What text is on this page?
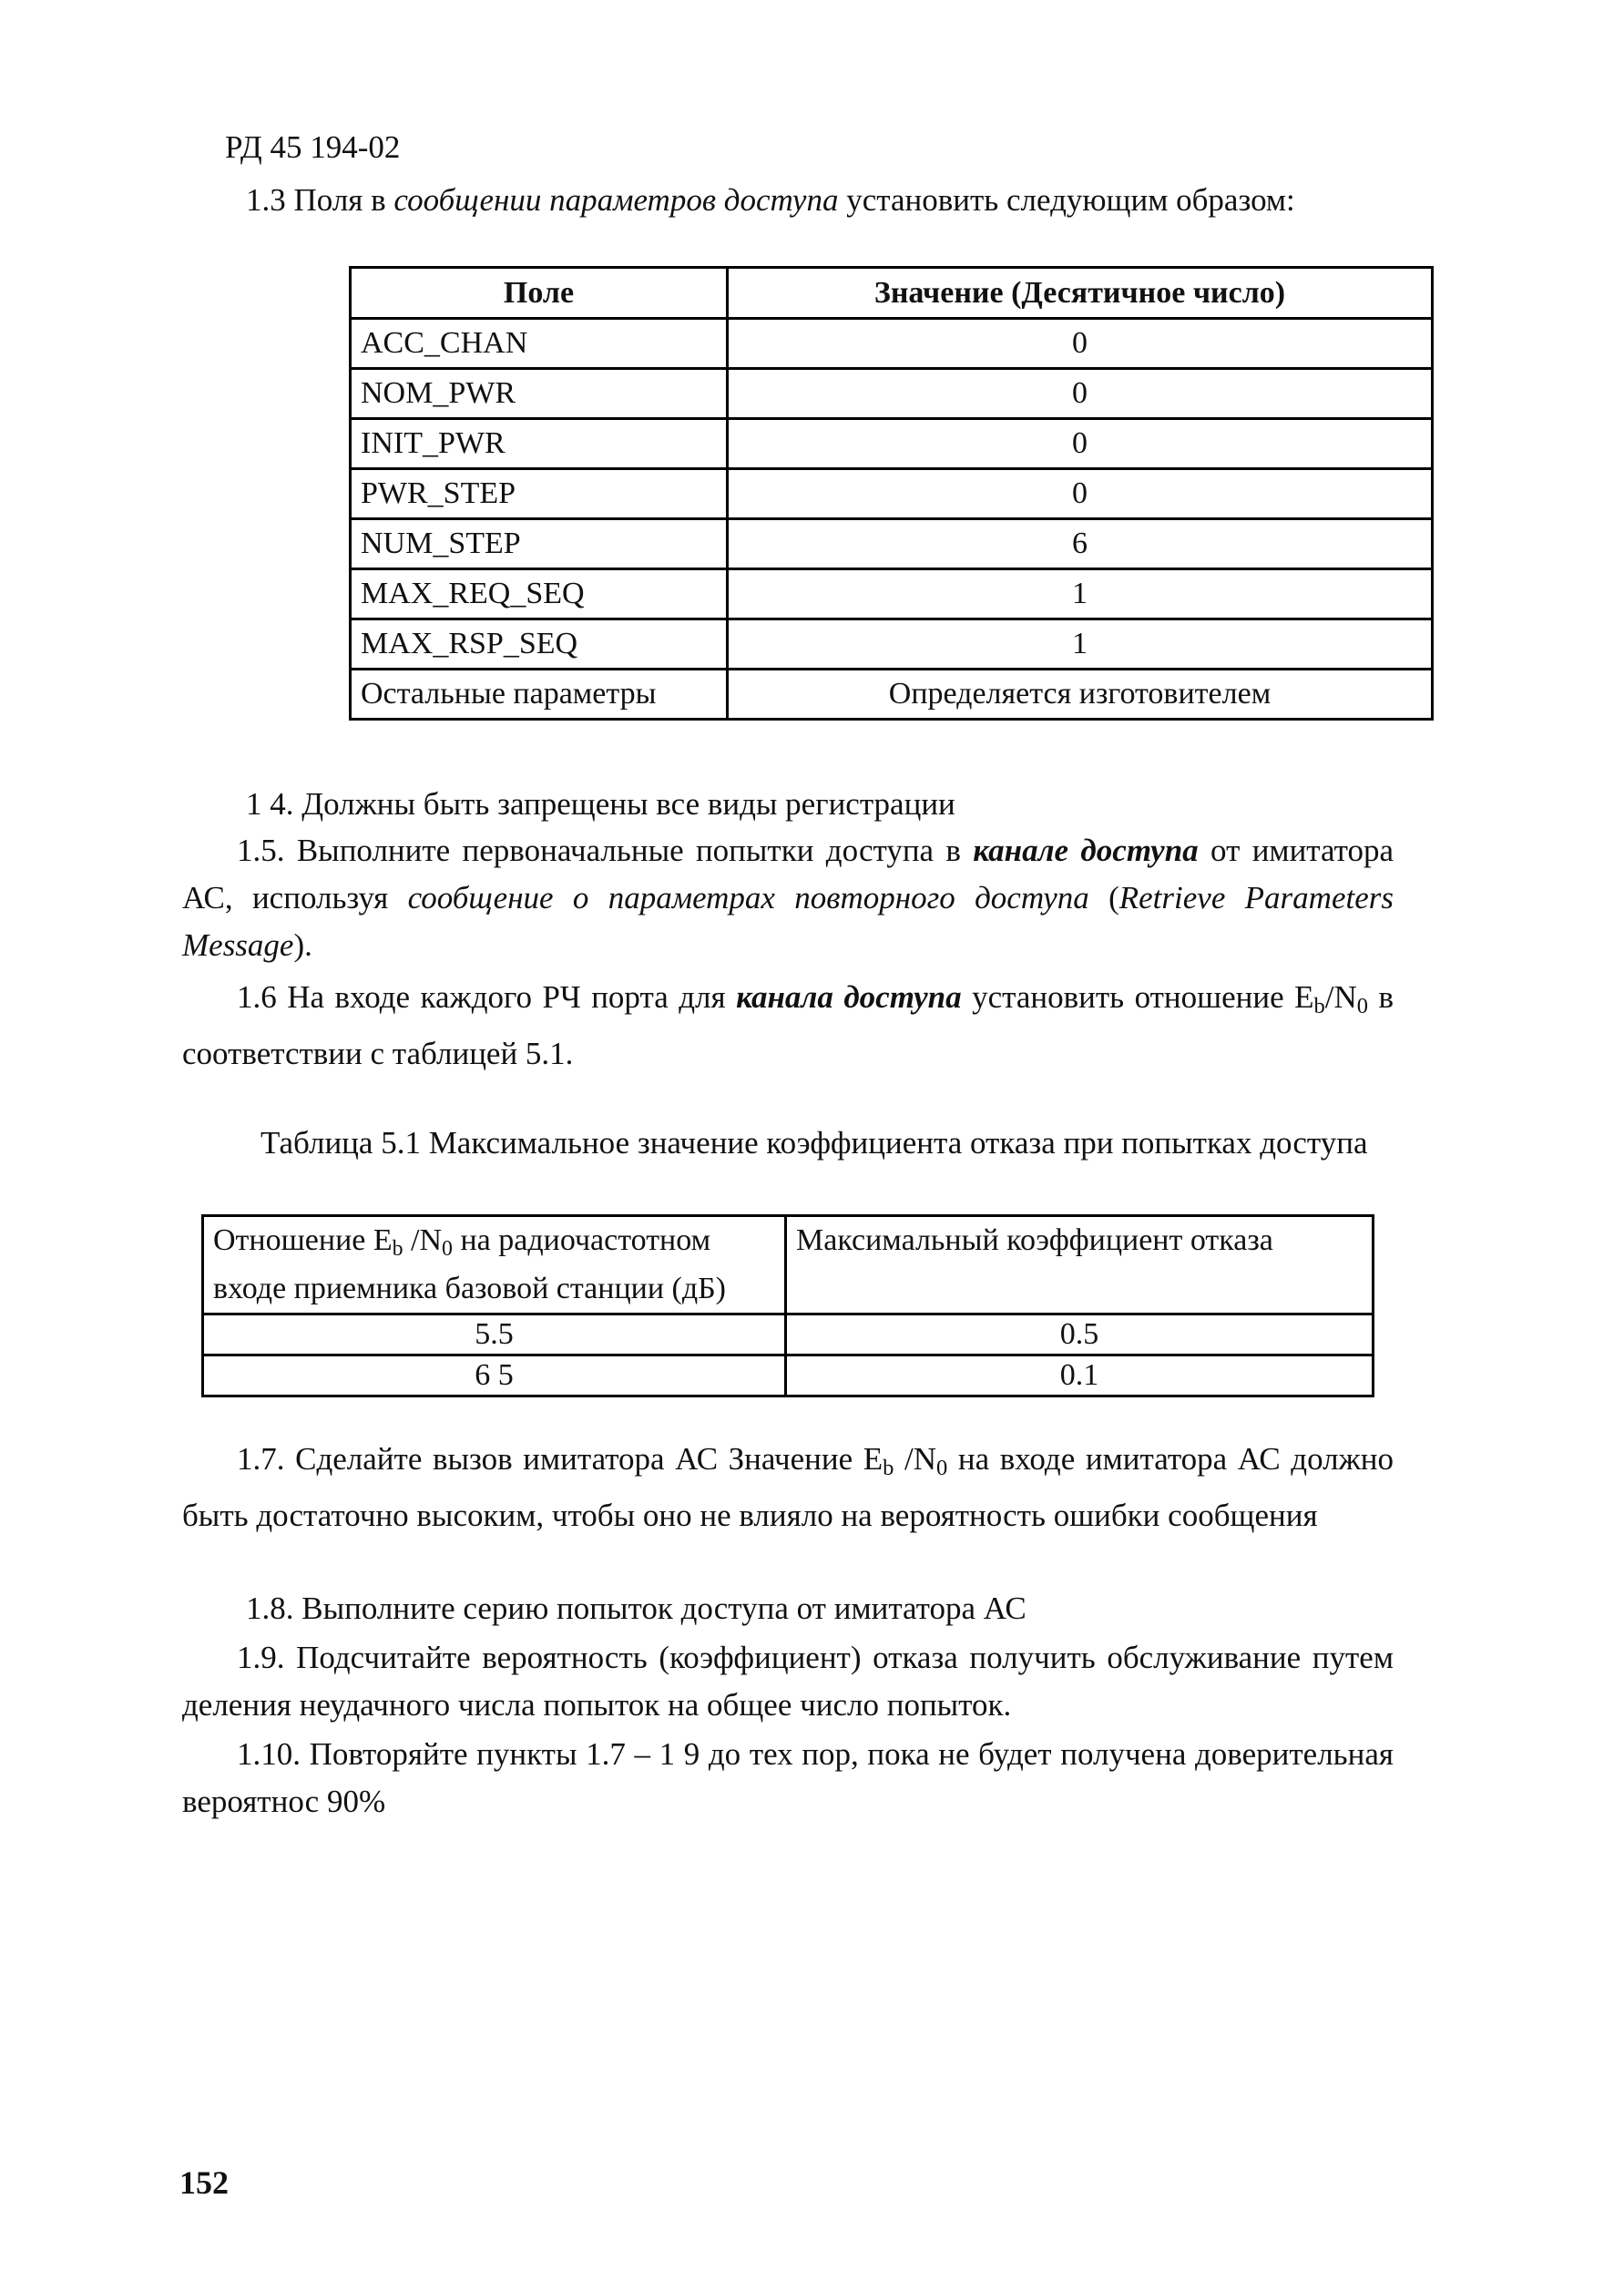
РД 45 194-02
1.3 Поля в сообщении параметров доступа установить следующим образом:
Поле	Значение (Десятичное число)
ACC_CHAN	0
NOM_PWR	0
INIT_PWR	0
PWR_STEP	0
NUM_STEP	6
MAX_REQ_SEQ	1
MAX_RSP_SEQ	1
Остальные параметры	Определяется изготовителем
1 4. Должны быть запрещены все виды регистрации
1.5. Выполните первоначальные попытки доступа в канале доступа от имитатора АС, используя сообщение о параметрах повторного доступа (Retrieve Parameters Message).
1.6 На входе каждого РЧ порта для канала доступа установить отношение $E_b/N_0$ в соответствии с таблицей 5.1.
Таблица 5.1 Максимальное значение коэффициента отказа при попытках доступа
Отношение $E_b$ $/N_0$ на радиочастотном входе приемника базовой станции (дБ)	Максимальный коэффициент отказа
5.5	0.5
6 5	0.1
1.7. Сделайте вызов имитатора АС Значение $E_b$ $/N_0$ на входе имитатора АС должно быть достаточно высоким, чтобы оно не влияло на вероятность ошибки сообщения
1.8. Выполните серию попыток доступа от имитатора АС
1.9. Подсчитайте вероятность (коэффициент) отказа получить обслуживание путем деления неудачного числа попыток на общее число попыток.
1.10. Повторяйте пункты 1.7 – 1 9 до тех пор, пока не будет получена доверительная вероятнос 90%
152
